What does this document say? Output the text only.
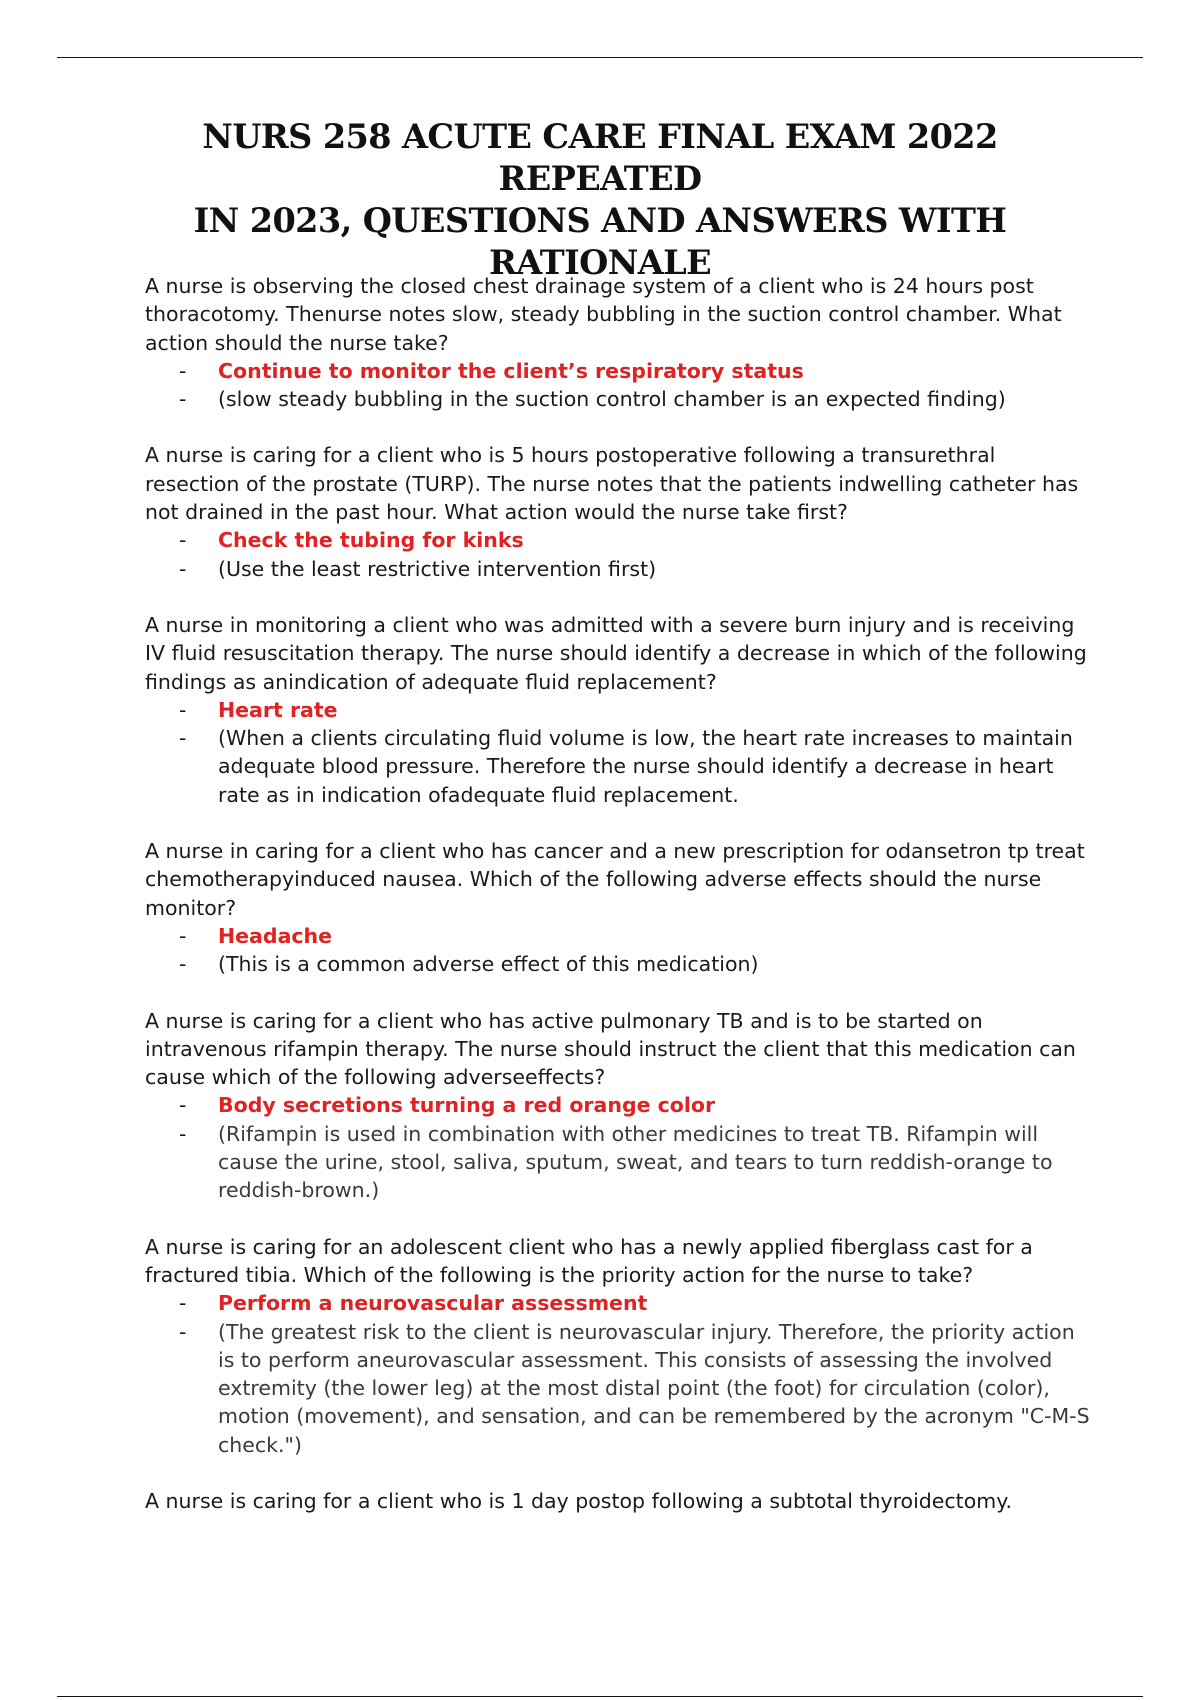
NURS 258 ACUTE CARE FINAL EXAM 2022 REPEATED
IN 2023, QUESTIONS AND ANSWERS WITH
RATIONALE

A nurse is observing the closed chest drainage system of a client who is 24 hours post thoracotomy. Thenurse notes slow, steady bubbling in the suction control chamber. What action should the nurse take?

- Continue to monitor the client’s respiratory status
- (slow steady bubbling in the suction control chamber is an expected finding)

A nurse is caring for a client who is 5 hours postoperative following a transurethral resection of the prostate (TURP). The nurse notes that the patients indwelling catheter has not drained in the past hour. What action would the nurse take first?

- Check the tubing for kinks
- (Use the least restrictive intervention first)

A nurse in monitoring a client who was admitted with a severe burn injury and is receiving IV fluid resuscitation therapy. The nurse should identify a decrease in which of the following findings as anindication of adequate fluid replacement?

- Heart rate
- (When a clients circulating fluid volume is low, the heart rate increases to maintain adequate blood pressure. Therefore the nurse should identify a decrease in heart rate as in indication ofadequate fluid replacement.

A nurse in caring for a client who has cancer and a new prescription for odansetron tp treat chemotherapyinduced nausea. Which of the following adverse effects should the nurse monitor?

- Headache
- (This is a common adverse effect of this medication)

A nurse is caring for a client who has active pulmonary TB and is to be started on intravenous rifampin therapy. The nurse should instruct the client that this medication can cause which of the following adverseeffects?

- Body secretions turning a red orange color
- (Rifampin is used in combination with other medicines to treat TB. Rifampin will cause the urine, stool, saliva, sputum, sweat, and tears to turn reddish-orange to reddish-brown.)

A nurse is caring for an adolescent client who has a newly applied fiberglass cast for a fractured tibia. Which of the following is the priority action for the nurse to take?

- Perform a neurovascular assessment
- (The greatest risk to the client is neurovascular injury. Therefore, the priority action is to perform aneurovascular assessment. This consists of assessing the involved extremity (the lower leg) at the most distal point (the foot) for circulation (color), motion (movement), and sensation, and can be remembered by the acronym "C-M-S check.")

A nurse is caring for a client who is 1 day postop following a subtotal thyroidectomy.
